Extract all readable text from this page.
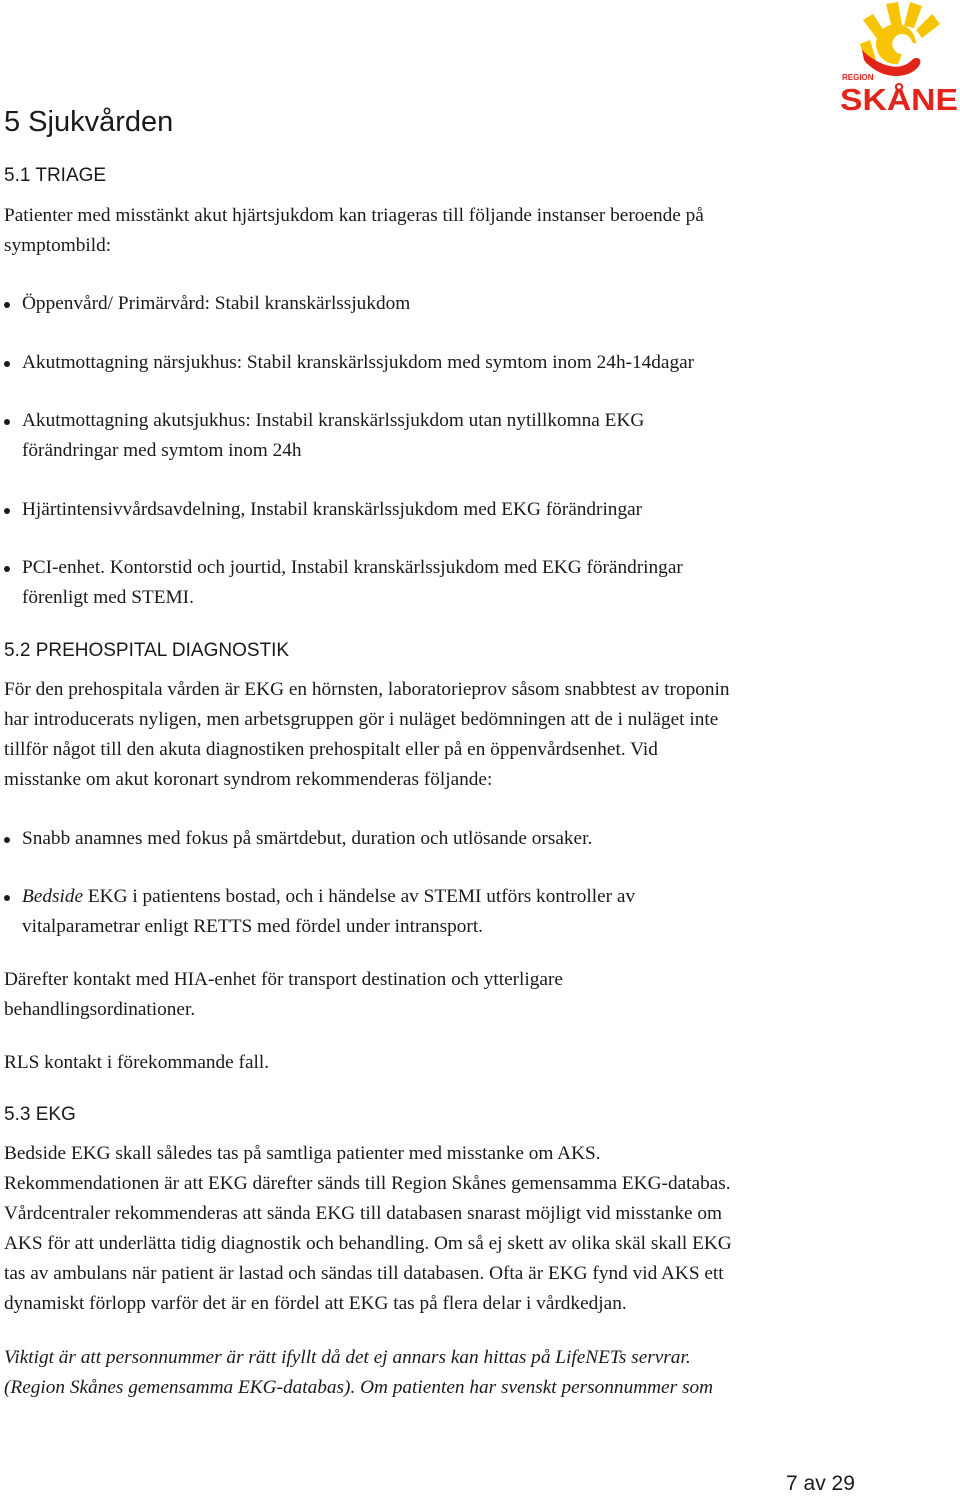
REGION
SKÅNE
5 Sjukvården
5.1 TRIAGE

Patienter med misstänkt akut hjärtsjukdom kan triageras till följande instanser beroende på
symptombild:

Öppenvård/ Primärvård: Stabil kranskärlssjukdom
Akutmottagning närsjukhus: Stabil kranskärlssjukdom med symtom inom 24h-14dagar
Akutmottagning akutsjukhus: Instabil kranskärlssjukdom utan nytillkomna EKG
förändringar med symtom inom 24h
Hjärtintensivvårdsavdelning, Instabil kranskärlssjukdom med EKG förändringar
PCI-enhet. Kontorstid och jourtid, Instabil kranskärlssjukdom med EKG förändringar
förenligt med STEMI.
5.2 PREHOSPITAL DIAGNOSTIK

För den prehospitala vården är EKG en hörnsten, laboratorieprov såsom snabbtest av troponin
har introducerats nyligen, men arbetsgruppen gör i nuläget bedömningen att de i nuläget inte
tillför något till den akuta diagnostiken prehospitalt eller på en öppenvårdsenhet. Vid
misstanke om akut koronart syndrom rekommenderas följande:

Snabb anamnes med fokus på smärtdebut, duration och utlösande orsaker.
Bedside EKG i patientens bostad, och i händelse av STEMI utförs kontroller av
vitalparametrar enligt RETTS med fördel under intransport.

Därefter kontakt med HIA-enhet för transport destination och ytterligare
behandlingsordinationer.

RLS kontakt i förekommande fall.

5.3 EKG

Bedside EKG skall således tas på samtliga patienter med misstanke om AKS.
Rekommendationen är att EKG därefter sänds till Region Skånes gemensamma EKG-databas.
Vårdcentraler rekommenderas att sända EKG till databasen snarast möjligt vid misstanke om
AKS för att underlätta tidig diagnostik och behandling. Om så ej skett av olika skäl skall EKG
tas av ambulans när patient är lastad och sändas till databasen. Ofta är EKG fynd vid AKS ett
dynamiskt förlopp varför det är en fördel att EKG tas på flera delar i vårdkedjan.

Viktigt är att personnummer är rätt ifyllt då det ej annars kan hittas på LifeNETs servrar.
(Region Skånes gemensamma EKG-databas). Om patienten har svenskt personnummer som

7 av 29
